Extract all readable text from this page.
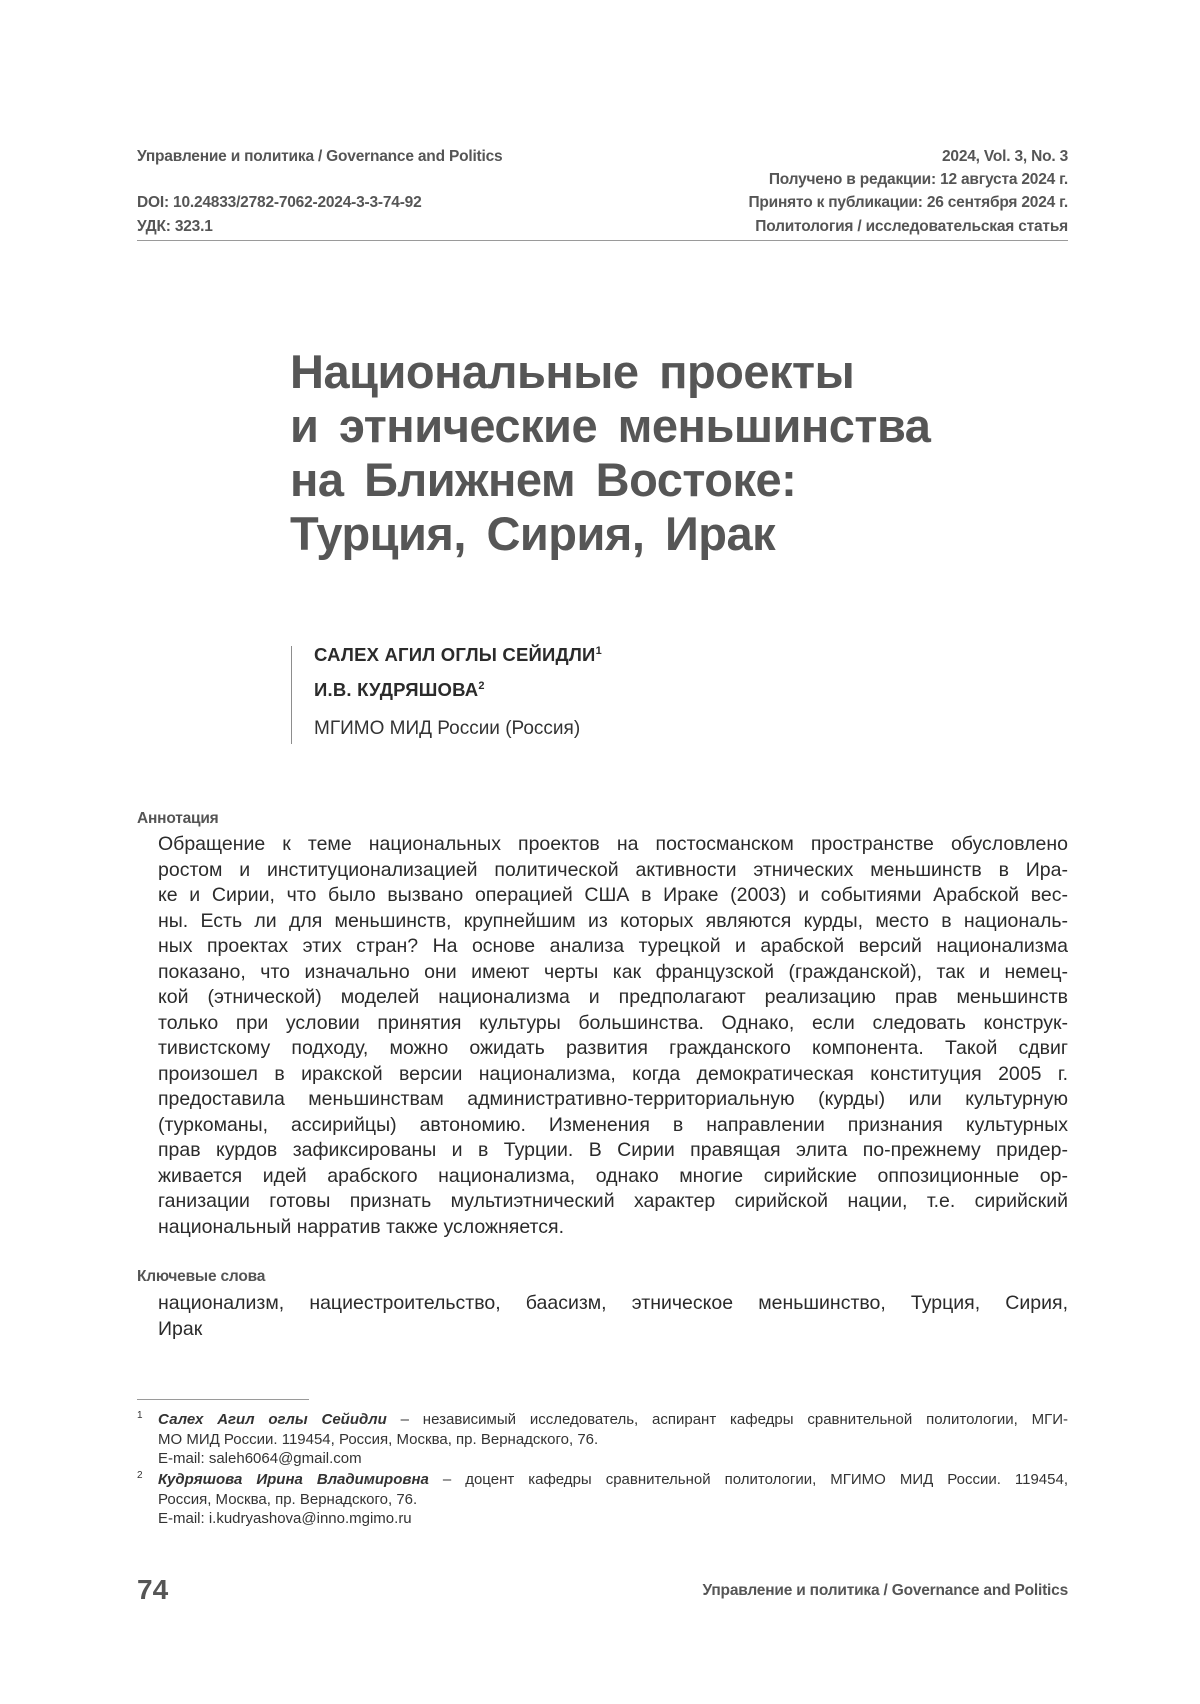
Управление и политика / Governance and Politics
DOI: 10.24833/2782-7062-2024-3-3-74-92
УДК: 323.1
2024, Vol. 3, No. 3
Получено в редакции: 12 августа 2024 г.
Принято к публикации: 26 сентября 2024 г.
Политология / исследовательская статья
Национальные проекты
и этнические меньшинства
на Ближнем Востоке:
Турция, Сирия, Ирак
САЛЕХ АГИЛ ОГЛЫ СЕЙИДЛИ$^1$
И.В. КУДРЯШОВА$^2$
МГИМО МИД России (Россия)
Аннотация
Обращение к теме национальных проектов на постосманском пространстве обусловлено
ростом и институционализацией политической активности этнических меньшинств в Ира-
ке и Сирии, что было вызвано операцией США в Ираке (2003) и событиями Арабской вес-
ны. Есть ли для меньшинств, крупнейшим из которых являются курды, место в националь-
ных проектах этих стран? На основе анализа турецкой и арабской версий национализма
показано, что изначально они имеют черты как французской (гражданской), так и немец-
кой (этнической) моделей национализма и предполагают реализацию прав меньшинств
только при условии принятия культуры большинства. Однако, если следовать конструк-
тивистскому подходу, можно ожидать развития гражданского компонента. Такой сдвиг
произошел в иракской версии национализма, когда демократическая конституция 2005 г.
предоставила меньшинствам административно-территориальную (курды) или культурную
(туркоманы, ассирийцы) автономию. Изменения в направлении признания культурных
прав курдов зафиксированы и в Турции. В Сирии правящая элита по-прежнему придер-
живается идей арабского национализма, однако многие сирийские оппозиционные ор-
ганизации готовы признать мультиэтнический характер сирийской нации, т.е. сирийский
национальный нарратив также усложняется.
Ключевые слова
национализм, нациестроительство, баасизм, этническое меньшинство, Турция, Сирия,
Ирак
1 Салех Агил оглы Сейидли – независимый исследователь, аспирант кафедры сравнительной политологии, МГИ-
МО МИД России. 119454, Россия, Москва, пр. Вернадского, 76.
E-mail: saleh6064@gmail.com
2 Кудряшова Ирина Владимировна – доцент кафедры сравнительной политологии, МГИМО МИД России. 119454,
Россия, Москва, пр. Вернадского, 76.
E-mail: i.kudryashova@inno.mgimo.ru
74	Управление и политика / Governance and Politics
